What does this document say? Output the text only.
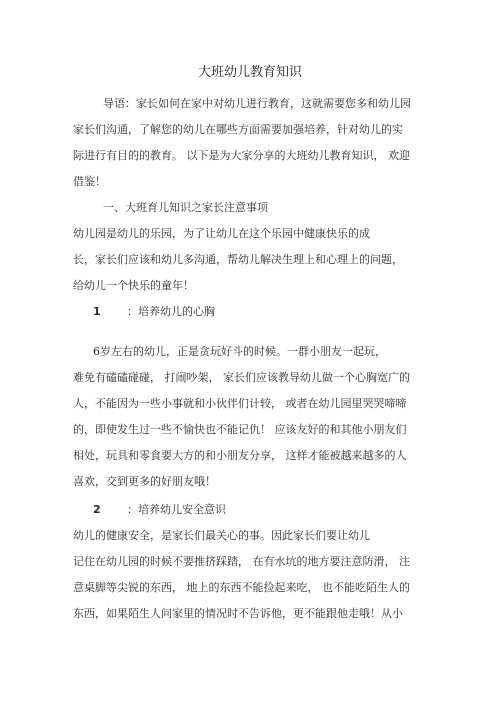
大班幼儿教育知识
导语：家长如何在家中对幼儿进行教育，这就需要您多和幼儿园
家长们沟通，了解您的幼儿在哪些方面需要加强培养，针对幼儿的实
际进行有目的的教育。 以下是为大家分享的大班幼儿教育知识， 欢迎
借鉴！
一、大班育儿知识之家长注意事项
幼儿园是幼儿的乐园，为了让幼儿在这个乐园中健康快乐的成
长，家长们应该和幼儿多沟通，帮幼儿解决生理上和心理上的问题，
给幼儿一个快乐的童年！
1 ：培养幼儿的心胸
6岁左右的幼儿，正是贪玩好斗的时候。一群小朋友一起玩，
难免有磕磕碰碰， 打闹吵架， 家长们应该教导幼儿做一个心胸宽广的
人，不能因为一些小事就和小伙伴们计较， 或者在幼儿园里哭哭啼啼
的，即使发生过一些不愉快也不能记仇！ 应该友好的和其他小朋友们
相处，玩具和零食要大方的和小朋友分享， 这样才能被越来越多的人
喜欢，交到更多的好朋友哦！
2 ：培养幼儿安全意识
幼儿的健康安全，是家长们最关心的事。因此家长们要让幼儿
记住在幼儿园的时候不要推挤踩踏， 在有水坑的地方要注意防滑， 注
意桌脚等尖锐的东西， 地上的东西不能捡起来吃， 也不能吃陌生人的
东西，如果陌生人问家里的情况时不告诉他，更不能跟他走哦！从小
